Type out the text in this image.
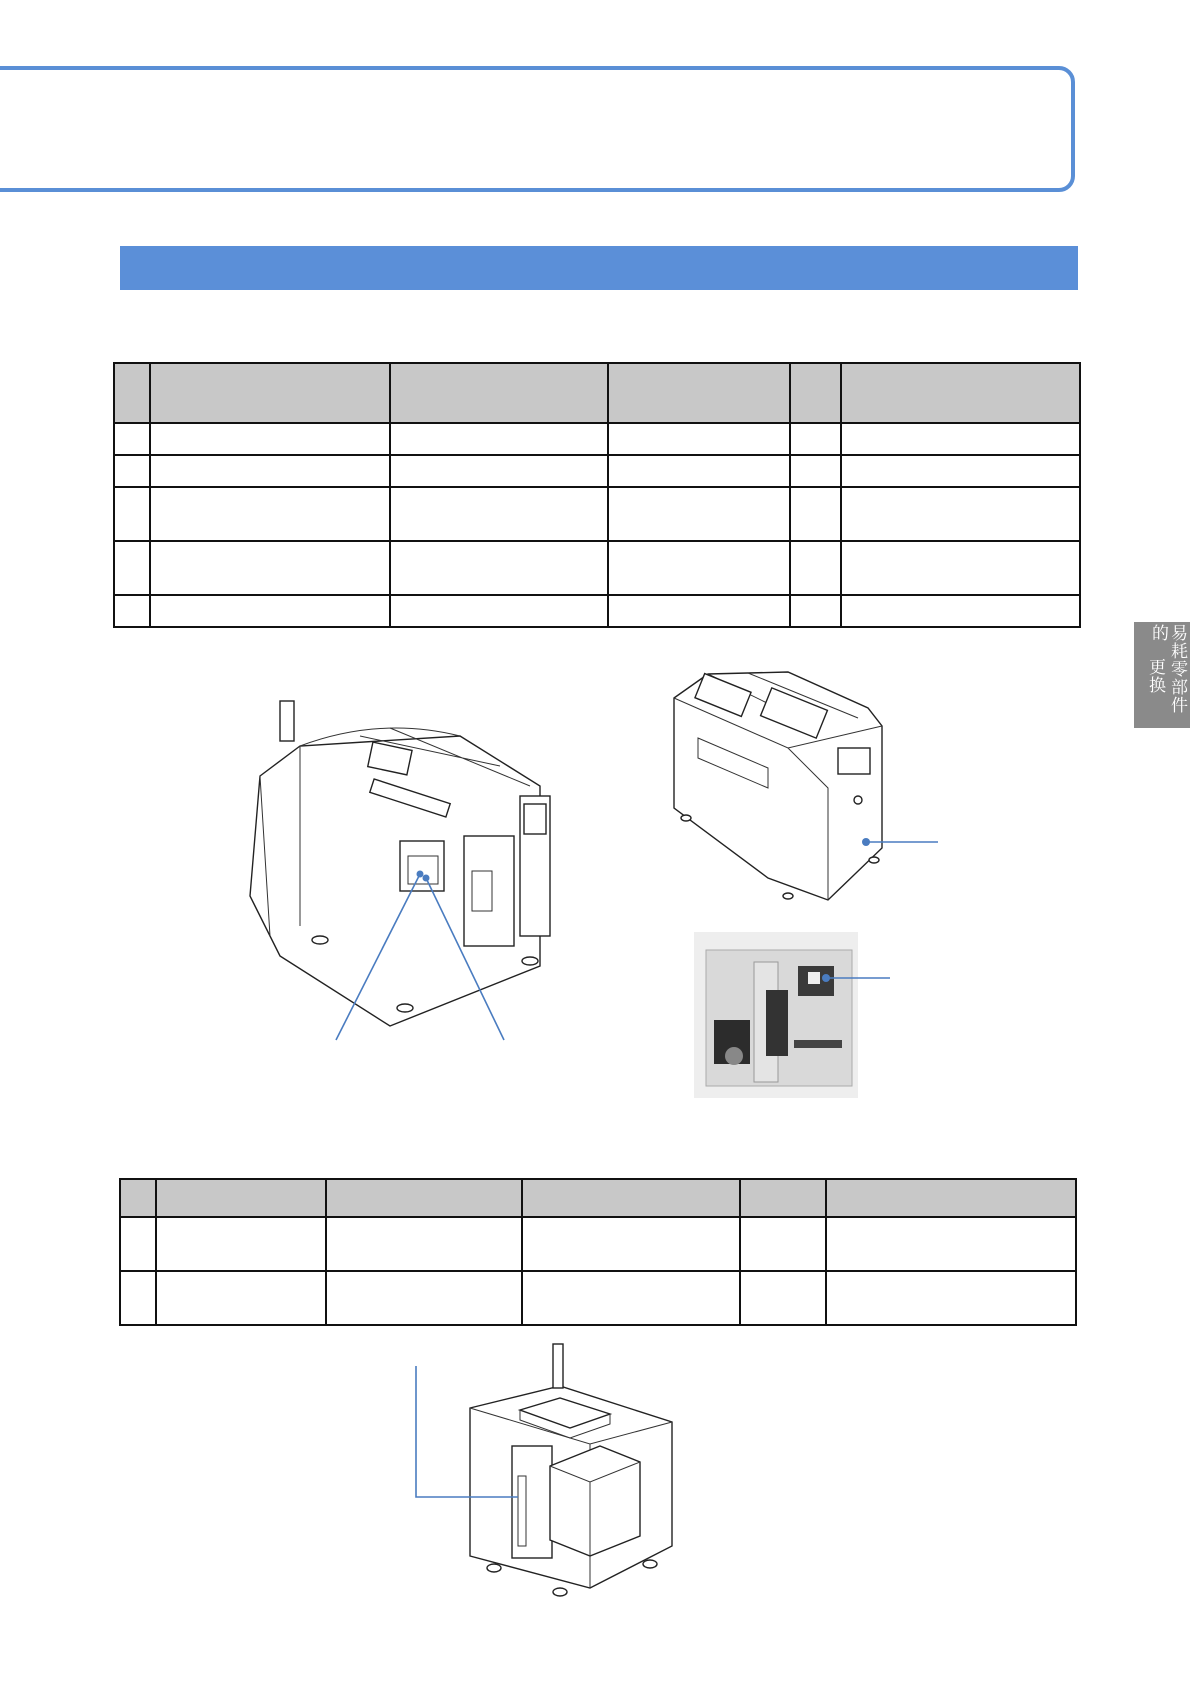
易耗零部件的
更换
